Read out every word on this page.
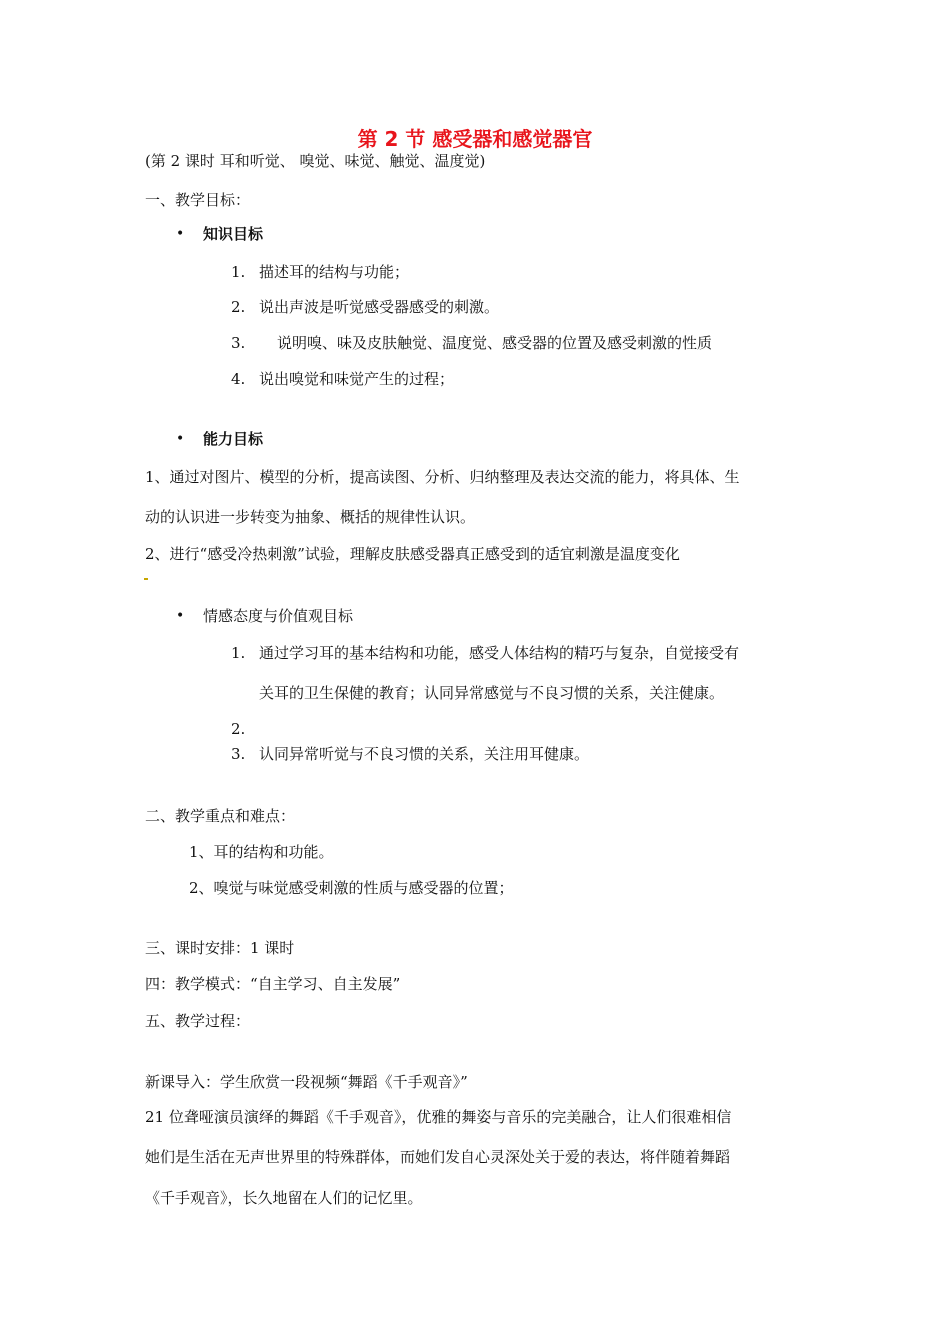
第 2 节 感受器和感觉器官
(第 2 课时 耳和听觉、 嗅觉、味觉、触觉、温度觉)
一、教学目标：
• 知识目标
1. 描述耳的结构与功能；
2. 说出声波是听觉感受器感受的刺激。
3. 说明嗅、味及皮肤触觉、温度觉、感受器的位置及感受刺激的性质
4. 说出嗅觉和味觉产生的过程；
• 能力目标
1、通过对图片、模型的分析，提高读图、分析、归纳整理及表达交流的能力，将具体、生
动的认识进一步转变为抽象、概括的规律性认识。
2、进行“感受冷热刺激”试验，理解皮肤感受器真正感受到的适宜刺激是温度变化
• 情感态度与价值观目标
1. 通过学习耳的基本结构和功能，感受人体结构的精巧与复杂，自觉接受有
关耳的卫生保健的教育；认同异常感觉与不良习惯的关系，关注健康。
2.
3. 认同异常听觉与不良习惯的关系，关注用耳健康。
二、教学重点和难点：
1、耳的结构和功能。
2、嗅觉与味觉感受刺激的性质与感受器的位置；
三、课时安排：1 课时
四：教学模式：“自主学习、自主发展”
五、教学过程：
新课导入：学生欣赏一段视频“舞蹈《千手观音》”
21 位聋哑演员演绎的舞蹈《千手观音》，优雅的舞姿与音乐的完美融合，让人们很难相信
她们是生活在无声世界里的特殊群体，而她们发自心灵深处关于爱的表达，将伴随着舞蹈
《千手观音》，长久地留在人们的记忆里。
